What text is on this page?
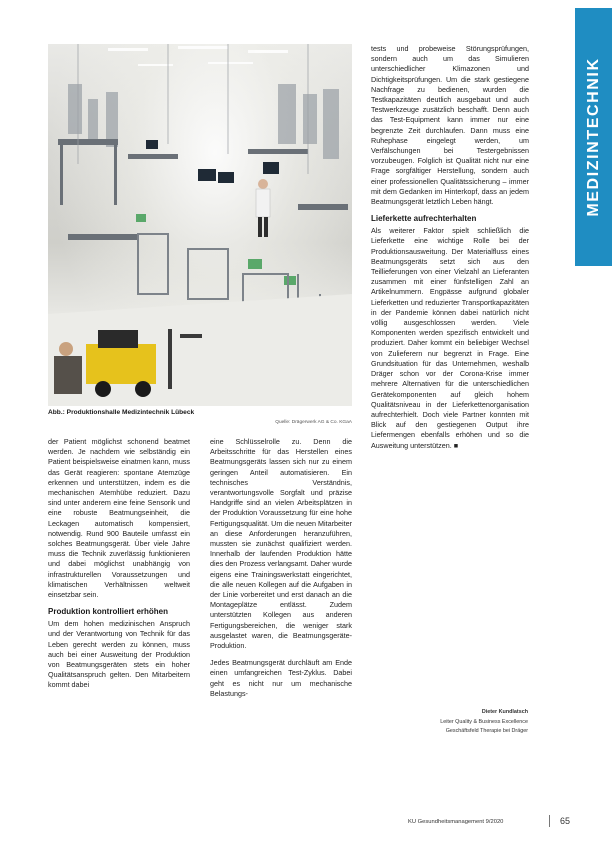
Abb.: Produktionshalle Medizintechnik Lübeck
Quelle: Drägerwerk AG & Co. KGaA

der Patient möglichst schonend beatmet werden. Je nachdem wie selbständig ein Patient beispielsweise einatmen kann, muss das Gerät reagieren: spontane Atemzüge erkennen und unterstützen, indem es die mechanischen Atemhübe reduziert. Dazu sind unter anderem eine feine Sensorik und eine robuste Beatmungseinheit, die Leckagen automatisch kompensiert, notwendig. Rund 900 Bauteile umfasst ein solches Beatmungsgerät. Über viele Jahre muss die Technik zuverlässig funktionieren und dabei möglichst unabhängig von infrastrukturellen Voraussetzungen und klimatischen Verhältnissen weltweit einsetzbar sein.

Produktion kontrolliert erhöhen

Um dem hohen medizinischen Anspruch und der Verantwortung von Technik für das Leben gerecht werden zu können, muss auch bei einer Ausweitung der Produktion von Beatmungsgeräten stets ein hoher Qualitätsanspruch gelten. Den Mitarbeitern kommt dabei

eine Schlüsselrolle zu. Denn die Arbeitsschritte für das Herstellen eines Beatmungsgeräts lassen sich nur zu einem geringen Anteil automatisieren. Ein technisches Verständnis, verantwortungsvolle Sorgfalt und präzise Handgriffe sind an vielen Arbeitsplätzen in der Produktion Voraussetzung für eine hohe Fertigungsqualität. Um die neuen Mitarbeiter an diese Anforderungen heranzuführen, mussten sie zunächst qualifiziert werden. Innerhalb der laufenden Produktion hätte dies den Prozess verlangsamt. Daher wurde eigens eine Trainingswerkstatt eingerichtet, die alle neuen Kollegen auf die Aufgaben in der Linie vorbereitet und erst danach an die Montageplätze entlässt. Zudem unterstützten Kollegen aus anderen Fertigungsbereichen, die weniger stark ausgelastet waren, die Beatmungsgeräte-Produktion.

Jedes Beatmungsgerät durchläuft am Ende einen umfangreichen Test-Zyklus. Dabei geht es nicht nur um mechanische Belastungs-

tests und probeweise Störungsprüfungen, sondern auch um das Simulieren unterschiedlicher Klimazonen und Dichtigkeitsprüfungen. Um die stark gestiegene Nachfrage zu bedienen, wurden die Testkapazitäten deutlich ausgebaut und auch Testwerkzeuge zusätzlich beschafft. Denn auch das Test-Equipment kann immer nur eine begrenzte Zeit durchlaufen. Dann muss eine Ruhephase eingelegt werden, um Verfälschungen bei Testergebnissen vorzubeugen. Folglich ist Qualität nicht nur eine Frage sorgfältiger Herstellung, sondern auch einer professionellen Qualitätssicherung – immer mit dem Gedanken im Hinterkopf, dass an jedem Beatmungsgerät letztlich Leben hängt.

Lieferkette aufrechterhalten

Als weiterer Faktor spielt schließlich die Lieferkette eine wichtige Rolle bei der Produktionsausweitung. Der Materialfluss eines Beatmungsgeräts setzt sich aus den Teillieferungen von einer Vielzahl an Lieferanten zusammen mit einer fünfstelligen Zahl an Artikelnummern. Engpässe aufgrund globaler Lieferketten und reduzierter Transportkapazitäten in der Pandemie können dabei natürlich nicht völlig ausgeschlossen werden. Viele Komponenten werden spezifisch entwickelt und produziert. Daher kommt ein beliebiger Wechsel von Zulieferern nur begrenzt in Frage. Eine Grundsituation für das Unternehmen, weshalb Dräger schon vor der Corona-Krise immer mehrere Alternativen für die unterschiedlichen Gerätekomponenten auf gleich hohem Qualitätsniveau in der Lieferkettenorganisation aufrechterhielt. Doch viele Partner konnten mit Blick auf den gestiegenen Output ihre Liefermengen ebenfalls erhöhen und so die Ausweitung unterstützen. ■

MEDIZINTECHNIK
Dieter Kundlatsch
Leiter Quality & Business Excellence
Geschäftsfeld Therapie bei Dräger
KU Gesundheitsmanagement 9/2020	65
